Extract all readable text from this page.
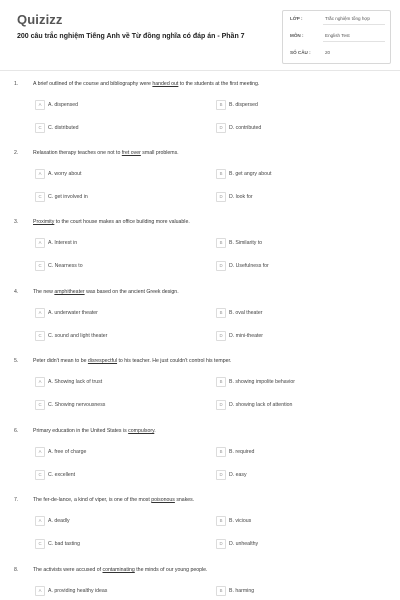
Quizizz
200 câu trắc nghiệm Tiếng Anh về Từ đồng nghĩa có đáp án - Phần 7
LỚP :	Trắc nghiệm tổng hợp
MÔN :	English Test
SỐ CÂU :	20
1.	A brief outlined of the course and bibliography were handed out to the students at the first meeting.
A	A. dispensed	B	B. dispersed
C	C. distributed	D	D. contributed
2.	Relaxation therapy teaches one not to fret over small problems.
A	A. worry about	B	B. get angry about
C	C. get involved in	D	D. look for
3.	Proximity to the court house makes an office building more valuable.
A	A. Interest in	B	B. Similarity to
C	C. Nearness to	D	D. Usefulness for
4.	The new amphitheater was based on the ancient Greek design.
A	A. underwater theater	B	B. oval theater
C	C. sound and light theater	D	D. mini-theater
5.	Peter didn't mean to be disrespectful to his teacher. He just couldn't control his temper.
A	A. Showing lack of trust	B	B. showing impolite behavior
C	C. Showing nervousness	D	D. showing lack of attention
6.	Primary education in the United States is compulsory.
A	A. free of charge	B	B. required
C	C. excellent	D	D. easy
7.	The fer-de-lance, a kind of viper, is one of the most poisonous snakes.
A	A. deadly	B	B. vicious
C	C. bad tasting	D	D. unhealthy
8.	The activists were accused of contaminating the minds of our young people.
A	A. providing healthy ideas	B	B. harming
